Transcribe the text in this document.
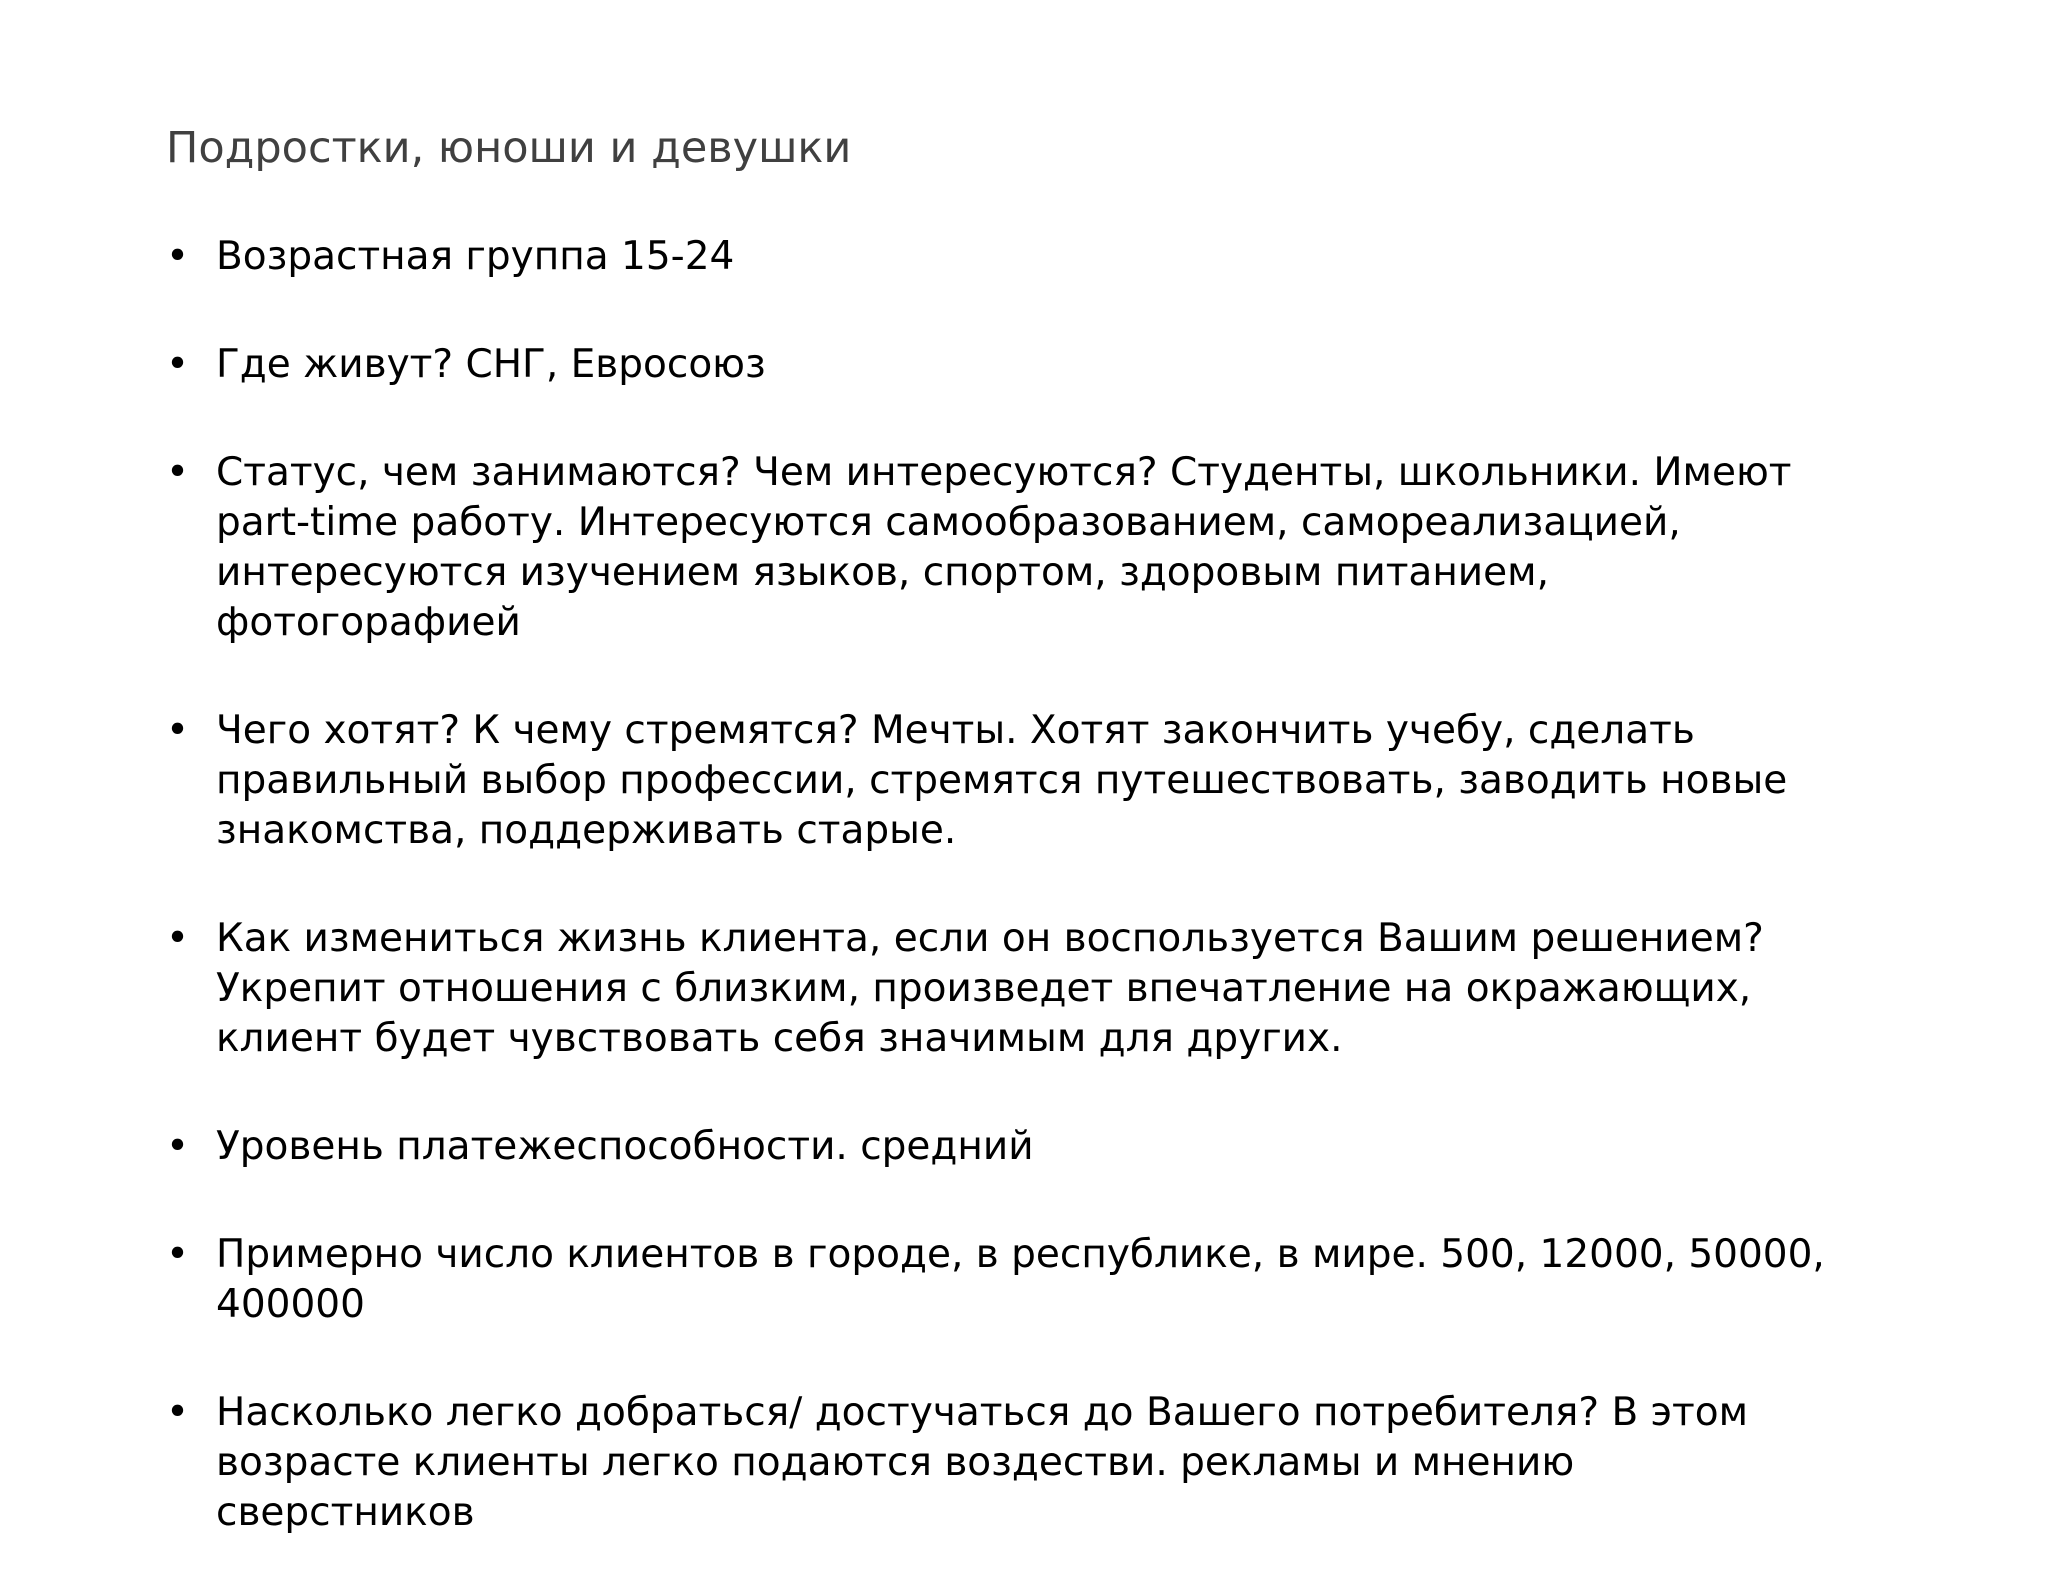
Подростки, юноши и девушки
• Возрастная группа 15-24
• Где живут? СНГ, Евросоюз
• Статус, чем занимаются? Чем интересуются? Студенты, школьники. Имеют
part-time работу. Интересуются самообразованием, самореализацией,
интересуются изучением языков, спортом, здоровым питанием,
фотогорафией
• Чего хотят? К чему стремятся? Мечты. Хотят закончить учебу, сделать
правильный выбор профессии, стремятся путешествовать, заводить новые
знакомства, поддерживать старые.
• Как измениться жизнь клиента, если он воспользуется Вашим решением?
Укрепит отношения с близким, произведет впечатление на окражающих,
клиент будет чувствовать себя значимым для других.
• Уровень платежеспособности. средний
• Примерно число клиентов в городе, в республике, в мире. 500, 12000, 50000,
400000
• Насколько легко добраться/ достучаться до Вашего потребителя? В этом
возрасте клиенты легко подаются воздестви. рекламы и мнению
сверстников
